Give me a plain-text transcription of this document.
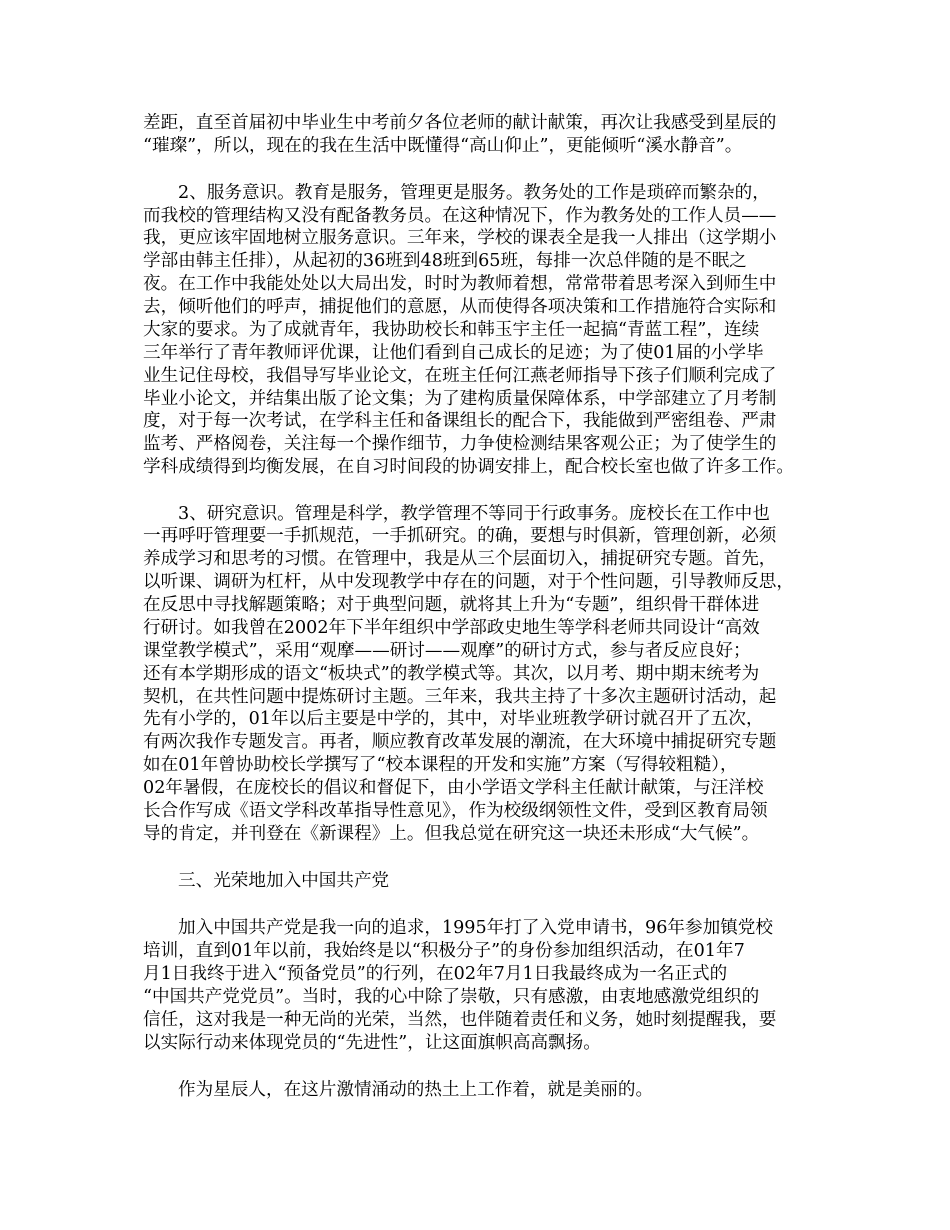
差距，直至首届初中毕业生中考前夕各位老师的献计献策，再次让我感受到星辰的
“璀璨”，所以，现在的我在生活中既懂得“高山仰止”，更能倾听“溪水静音”。
2、服务意识。教育是服务，管理更是服务。教务处的工作是琐碎而繁杂的，
而我校的管理结构又没有配备教务员。在这种情况下，作为教务处的工作人员——
我，更应该牢固地树立服务意识。三年来，学校的课表全是我一人排出（这学期小
学部由韩主任排），从起初的36班到48班到65班，每排一次总伴随的是不眠之
夜。在工作中我能处处以大局出发，时时为教师着想，常常带着思考深入到师生中
去，倾听他们的呼声，捕捉他们的意愿，从而使得各项决策和工作措施符合实际和
大家的要求。为了成就青年，我协助校长和韩玉宇主任一起搞“青蓝工程”，连续
三年举行了青年教师评优课，让他们看到自己成长的足迹；为了使01届的小学毕
业生记住母校，我倡导写毕业论文，在班主任何江燕老师指导下孩子们顺利完成了
毕业小论文，并结集出版了论文集；为了建构质量保障体系，中学部建立了月考制
度，对于每一次考试，在学科主任和备课组长的配合下，我能做到严密组卷、严肃
监考、严格阅卷，关注每一个操作细节，力争使检测结果客观公正；为了使学生的
学科成绩得到均衡发展，在自习时间段的协调安排上，配合校长室也做了许多工作。
3、研究意识。管理是科学，教学管理不等同于行政事务。庞校长在工作中也
一再呼吁管理要一手抓规范，一手抓研究。的确，要想与时俱新，管理创新，必须
养成学习和思考的习惯。在管理中，我是从三个层面切入，捕捉研究专题。首先，
以听课、调研为杠杆，从中发现教学中存在的问题，对于个性问题，引导教师反思，
在反思中寻找解题策略；对于典型问题，就将其上升为“专题”，组织骨干群体进
行研讨。如我曾在2002年下半年组织中学部政史地生等学科老师共同设计“高效
课堂教学模式”，采用“观摩——研讨——观摩”的研讨方式，参与者反应良好；
还有本学期形成的语文“板块式”的教学模式等。其次，以月考、期中期末统考为
契机，在共性问题中提炼研讨主题。三年来，我共主持了十多次主题研讨活动，起
先有小学的，01年以后主要是中学的，其中，对毕业班教学研讨就召开了五次，
有两次我作专题发言。再者，顺应教育改革发展的潮流，在大环境中捕捉研究专题
如在01年曾协助校长学撰写了“校本课程的开发和实施”方案（写得较粗糙），
02年暑假，在庞校长的倡议和督促下，由小学语文学科主任献计献策，与汪洋校
长合作写成《语文学科改革指导性意见》，作为校级纲领性文件，受到区教育局领
导的肯定，并刊登在《新课程》上。但我总觉在研究这一块还未形成“大气候”。
三、光荣地加入中国共产党
加入中国共产党是我一向的追求，1995年打了入党申请书，96年参加镇党校
培训，直到01年以前，我始终是以“积极分子”的身份参加组织活动，在01年7
月1日我终于进入“预备党员”的行列，在02年7月1日我最终成为一名正式的
“中国共产党党员”。当时，我的心中除了崇敬，只有感激，由衷地感激党组织的
信任，这对我是一种无尚的光荣，当然，也伴随着责任和义务，她时刻提醒我，要
以实际行动来体现党员的“先进性”，让这面旗帜高高飘扬。
作为星辰人，在这片激情涌动的热土上工作着，就是美丽的。
